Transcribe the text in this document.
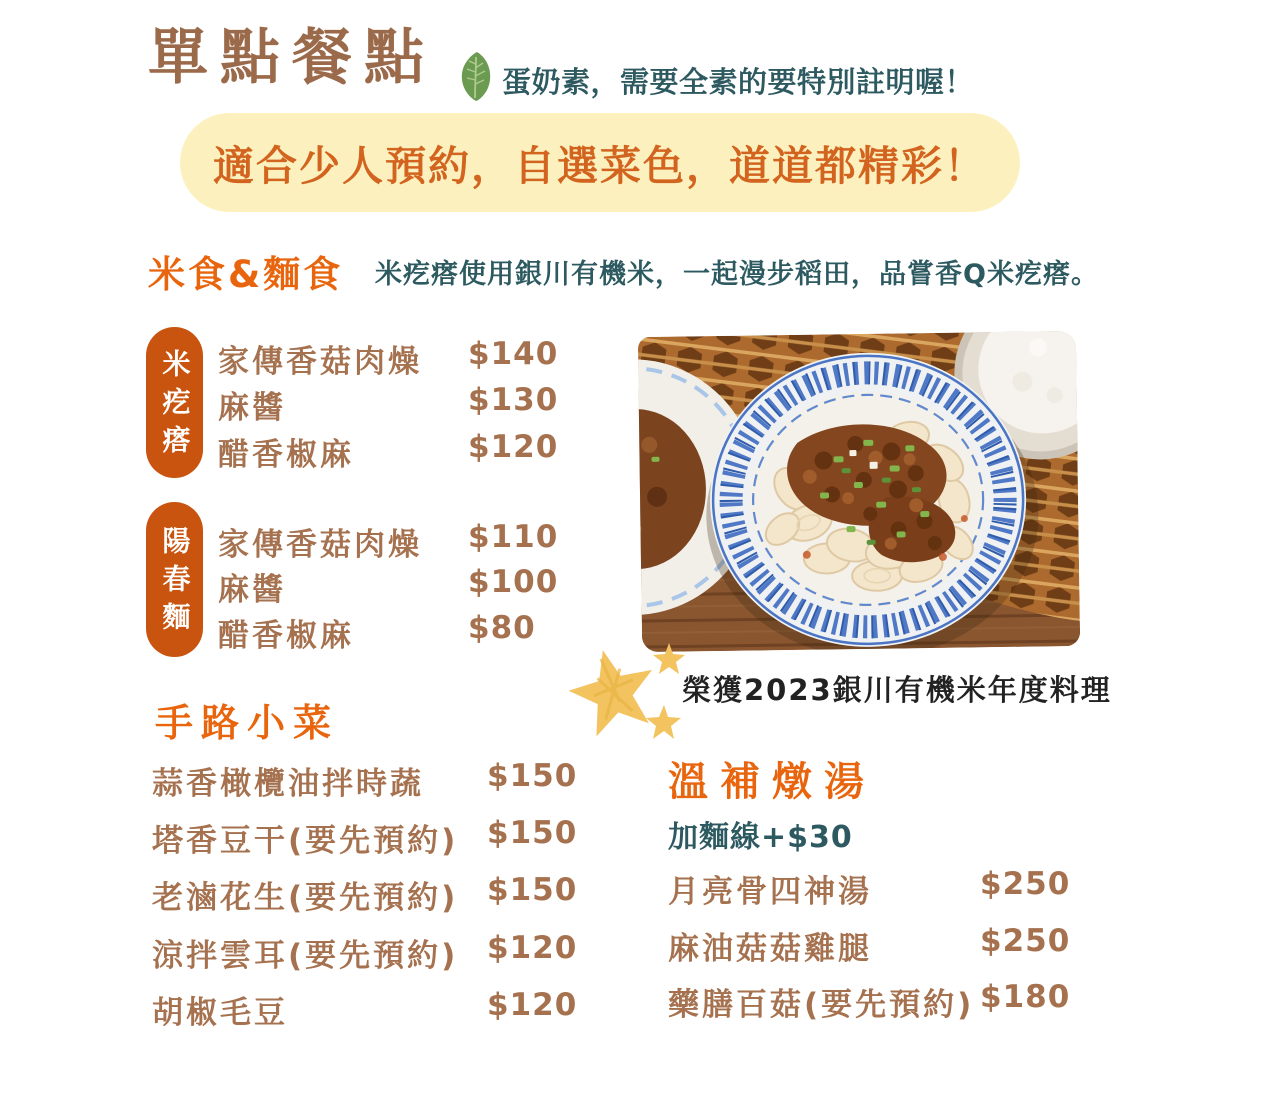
單點餐點 蛋奶素，需要全素的要特別註明喔！
適合少人預約，自選菜色，道道都精彩！
米食&麵食 米疙瘩使用銀川有機米，一起漫步稻田，品嘗香Q米疙瘩。
米疙瘩 家傳香菇肉燥 $140
麻醬	$130
醋香椒麻	$120
陽春麵 家傳香菇肉燥 $110
麻醬	$100
醋香椒麻	$80
榮獲2023銀川有機米年度料理
手路小菜
蒜香橄欖油拌時蔬 $150
塔香豆干(要先預約) $150
老滷花生(要先預約) $150
涼拌雲耳(要先預約) $120
胡椒毛豆	$120
溫補燉湯
加麵線+$30
月亮骨四神湯	$250
麻油菇菇雞腿	$250
藥膳百菇(要先預約) $180
